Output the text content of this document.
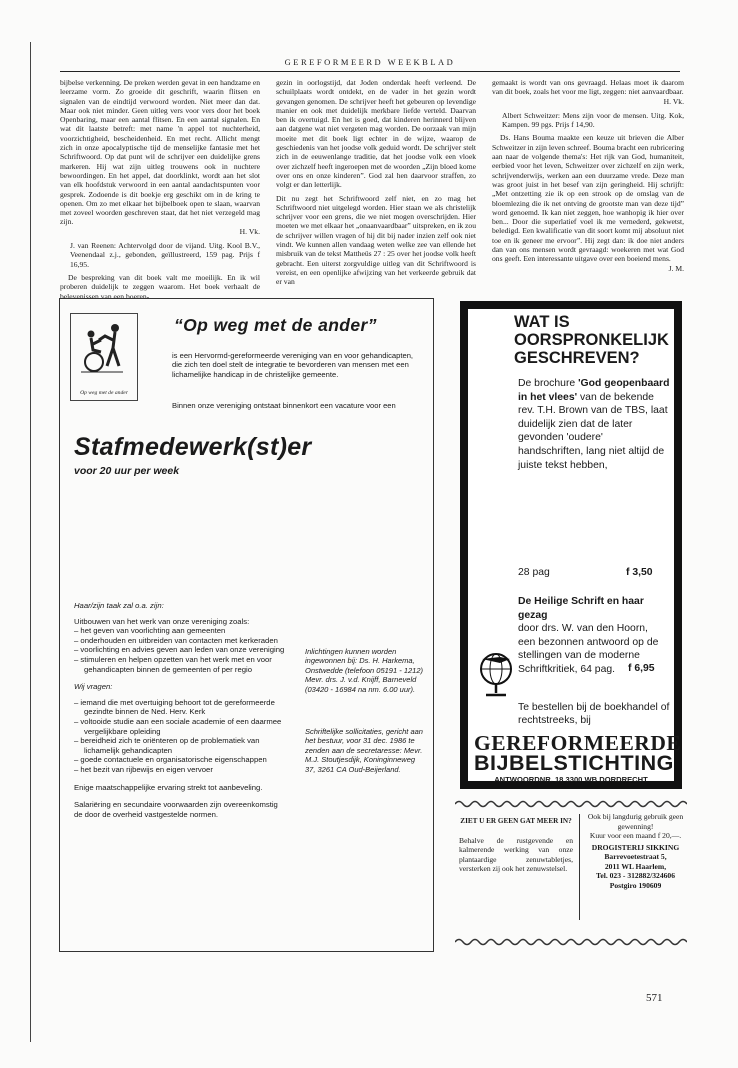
GEREFORMEERD WEEKBLAD

bijbelse verkenning. De preken werden gevat in een handzame en leerzame vorm. Zo groeide dit geschrift, waarin flitsen en signalen van de eindtijd verwoord worden. Niet meer dan dat. Maar ook niet minder. Geen uitleg vers voor vers door het boek Openbaring, maar een aantal flitsen. En een aantal signalen. En wat dit laatste betreft: met name 'n appel tot nuchterheid, voorzichtigheid, bescheidenheid. En met recht. Allicht mengt zich in onze apocalyptische tijd de menselijke fantasie met het Schriftwoord. Op dat punt wil de schrijver een duidelijke grens markeren. Hij wat zijn uitleg trouwens ook in nuchtere bewoordingen. En het appel, dat doorklinkt, wordt aan het slot van elk hoofdstuk verwoord in een aantal aandachtspunten voor gesprek. Zodoende is dit boekje erg geschikt om in de kring te openen. Om zo met elkaar het bijbelboek open te slaan, waarvan met zoveel woorden geschreven staat, dat het niet verzegeld mag zijn.

H. Vk.

J. van Reenen: Achtervolgd door de vijand. Uitg. Kool B.V., Veenendaal z.j., gebonden, geïllustreerd, 159 pag. Prijs f 16,95.

De bespreking van dit boek valt me moeilijk. En ik wil proberen duidelijk te zeggen waarom. Het boek verhaalt de belevenissen van een boeren-

gezin in oorlogstijd, dat Joden onderdak heeft verleend. De schuilplaats wordt ontdekt, en de vader in het gezin wordt gevangen genomen. De schrijver heeft het gebeuren op levendige manier en ook met duidelijk merkbare liefde verteld. Daarvan ben ik overtuigd. En het is goed, dat kinderen herinnerd blijven aan datgene wat niet vergeten mag worden. De oorzaak van mijn moeite met dit boek ligt echter in de wijze, waarop de geschiedenis van het joodse volk geduid wordt. De schrijver stelt zich in de eeuwenlange traditie, dat het joodse volk een vloek over zichzelf heeft ingeroepen met de woorden „Zijn bloed kome over ons en onze kinderen”. God zal hen daarvoor straffen, zo volgt er dan letterlijk.

Dit nu zegt het Schriftwoord zelf niet, en zo mag het Schriftwoord niet uitgelegd worden. Hier staan we als christelijk schrijver voor een grens, die we niet mogen overschrijden. Hier moeten we met elkaar het „onaanvaardbaar” uitspreken, en ik zou de schrijver willen vragen of hij dit bij nader inzien zelf ook niet vindt. We kunnen allen vandaag weten welke zee van ellende het misbruik van de tekst Mattheüs 27 : 25 over het joodse volk heeft gebracht. Een uiterst zorgvuldige uitleg van dit Schriftwoord is vereist, en een openlijke afwijzing van het verkeerde gebruik dat er van

gemaakt is wordt van ons gevraagd. Helaas moet ik daarom van dit boek, zoals het voor me ligt, zeggen: niet aanvaardbaar.

H. Vk.

Albert Schweitzer: Mens zijn voor de mensen. Uitg. Kok, Kampen. 99 pgs. Prijs f 14,90.

Ds. Hans Bouma maakte een keuze uit brieven die Alber Schweitzer in zijn leven schreef. Bouma bracht een rubricering aan naar de volgende thema's: Het rijk van God, humaniteit, eerbied voor het leven, Schweitzer over zichzelf en zijn werk, schrijvenderwijs, werken aan een duurzame vrede. Deze man was groot juist in het besef van zijn geringheid. Hij schrijft: „Met ontzetting zie ik op een strook op de omslag van de bloemlezing die ik net ontving de grootste man van deze tijd” word genoemd. Ik kan niet zeggen, hoe wanhopig ik hier over ben... Door die superlatief voel ik me vernederd, gekwetst, beledigd. Een kwalificatie van dit soort komt mij absoluut niet toe en ik geneer me ervoor”. Hij zegt dan: ik doe niet anders dan van ons mensen wordt gevraagd: woekeren met wat God ons geeft. Een interessante uitgave over een boeiend mens.

J. M.

Op weg met de ander
“Op weg met de ander”
is een Hervormd-gereformeerde vereniging van en voor gehandicapten, die zich ten doel stelt de integratie te bevorderen van mensen met een lichamelijke handicap in de christelijke gemeente.
Binnen onze vereniging ontstaat binnenkort een vacature voor een
Stafmedewerk(st)er
voor 20 uur per week
Haar/zijn taak zal o.a. zijn:
Uitbouwen van het werk van onze vereniging zoals:
– het geven van voorlichting aan gemeenten
– onderhouden en uitbreiden van contacten met kerkeraden
– voorlichting en advies geven aan leden van onze vereniging
– stimuleren en helpen opzetten van het werk met en voor gehandicapten binnen de gemeenten of per regio
Wij vragen:
– iemand die met overtuiging behoort tot de gereformeerde gezindte binnen de Ned. Herv. Kerk
– voltooide studie aan een sociale academie of een daarmee vergelijkbare opleiding
– bereidheid zich te oriënteren op de problematiek van lichamelijk gehandicapten
– goede contactuele en organisatorische eigenschappen
– het bezit van rijbewijs en eigen vervoer
Enige maatschappelijke ervaring strekt tot aanbeveling.
Salariëring en secundaire voorwaarden zijn overeenkomstig de door de overheid vastgestelde normen.
Inlichtingen kunnen worden ingewonnen bij: Ds. H. Harkema, Onstwedde (telefoon 05191 - 1212) Mevr. drs. J. v.d. Knijff, Barneveld (03420 - 16984 na nm. 6.00 uur).
Schriftelijke sollicitaties, gericht aan het bestuur, voor 31 dec. 1986 te zenden aan de secretaresse: Mevr. M.J. Stoutjesdijk, Koninginneweg 37, 3261 CA Oud-Beijerland.
WAT IS OORSPRONKELIJK GESCHREVEN?
De brochure 'God geopenbaard in het vlees' van de bekende rev. T.H. Brown van de TBS, laat duidelijk zien dat de later gevonden 'oudere' handschriften, lang niet altijd de juiste tekst hebben,
28 pag	f 3,50
De Heilige Schrift en haar gezag
door drs. W. van den Hoorn, een bezonnen antwoord op de stellingen van de moderne Schriftkritiek, 64 pag.	f 6,95
Te bestellen bij de boekhandel of rechtstreeks, bij
GEREFORMEERDE
BIJBELSTICHTING
ANTWOORDNR. 18 3300 WB DORDRECHT
ZIET U ER GEEN GAT MEER IN?
Behalve de rustgevende en kalmerende werking van onze plantaardige zenuwtabletjes, versterken zij ook het zenuwstelsel.
Ook bij langdurig gebruik geen gewenning!
Kuur voor een maand f 20,—.
DROGISTERIJ SIKKING
Barrevoetestraat 5,
2011 WL Haarlem,
Tel. 023 - 312882/324606
Postgiro 190609
571
